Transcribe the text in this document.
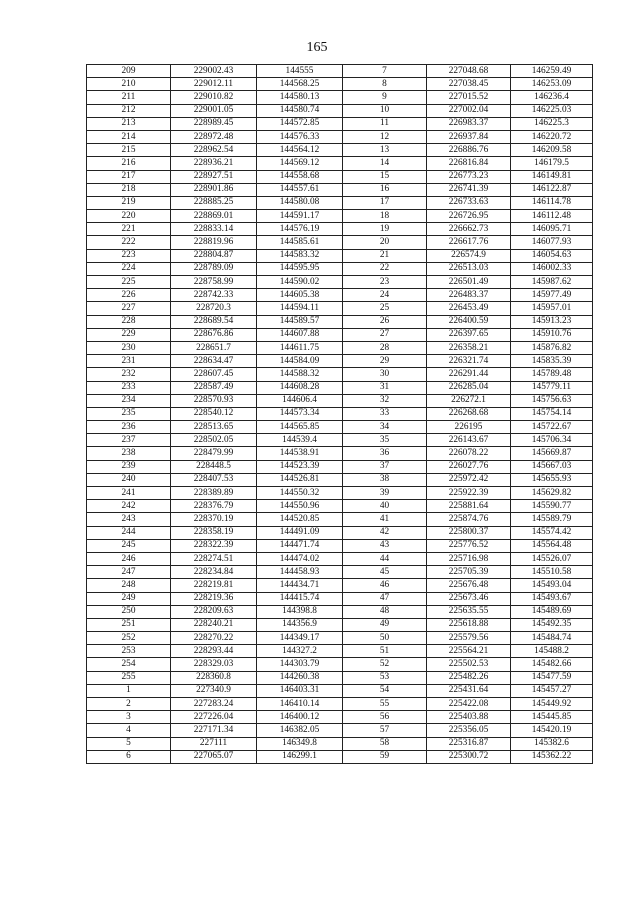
165
209	229002.43	144555	7	227048.68	146259.49
210	229012.11	144568.25	8	227038.45	146253.09
211	229010.82	144580.13	9	227015.52	146236.4
212	229001.05	144580.74	10	227002.04	146225.03
213	228989.45	144572.85	11	226983.37	146225.3
214	228972.48	144576.33	12	226937.84	146220.72
215	228962.54	144564.12	13	226886.76	146209.58
216	228936.21	144569.12	14	226816.84	146179.5
217	228927.51	144558.68	15	226773.23	146149.81
218	228901.86	144557.61	16	226741.39	146122.87
219	228885.25	144580.08	17	226733.63	146114.78
220	228869.01	144591.17	18	226726.95	146112.48
221	228833.14	144576.19	19	226662.73	146095.71
222	228819.96	144585.61	20	226617.76	146077.93
223	228804.87	144583.32	21	226574.9	146054.63
224	228789.09	144595.95	22	226513.03	146002.33
225	228758.99	144590.02	23	226501.49	145987.62
226	228742.33	144605.38	24	226483.37	145977.49
227	228720.3	144594.11	25	226453.49	145957.01
228	228689.54	144589.57	26	226400.59	145913.23
229	228676.86	144607.88	27	226397.65	145910.76
230	228651.7	144611.75	28	226358.21	145876.82
231	228634.47	144584.09	29	226321.74	145835.39
232	228607.45	144588.32	30	226291.44	145789.48
233	228587.49	144608.28	31	226285.04	145779.11
234	228570.93	144606.4	32	226272.1	145756.63
235	228540.12	144573.34	33	226268.68	145754.14
236	228513.65	144565.85	34	226195	145722.67
237	228502.05	144539.4	35	226143.67	145706.34
238	228479.99	144538.91	36	226078.22	145669.87
239	228448.5	144523.39	37	226027.76	145667.03
240	228407.53	144526.81	38	225972.42	145655.93
241	228389.89	144550.32	39	225922.39	145629.82
242	228376.79	144550.96	40	225881.64	145590.77
243	228370.19	144520.85	41	225874.76	145589.79
244	228358.19	144491.09	42	225800.37	145574.42
245	228322.39	144471.74	43	225776.52	145564.48
246	228274.51	144474.02	44	225716.98	145526.07
247	228234.84	144458.93	45	225705.39	145510.58
248	228219.81	144434.71	46	225676.48	145493.04
249	228219.36	144415.74	47	225673.46	145493.67
250	228209.63	144398.8	48	225635.55	145489.69
251	228240.21	144356.9	49	225618.88	145492.35
252	228270.22	144349.17	50	225579.56	145484.74
253	228293.44	144327.2	51	225564.21	145488.2
254	228329.03	144303.79	52	225502.53	145482.66
255	228360.8	144260.38	53	225482.26	145477.59
1	227340.9	146403.31	54	225431.64	145457.27
2	227283.24	146410.14	55	225422.08	145449.92
3	227226.04	146400.12	56	225403.88	145445.85
4	227171.34	146382.05	57	225356.05	145420.19
5	227111	146349.8	58	225316.87	145382.6
6	227065.07	146299.1	59	225300.72	145362.22
